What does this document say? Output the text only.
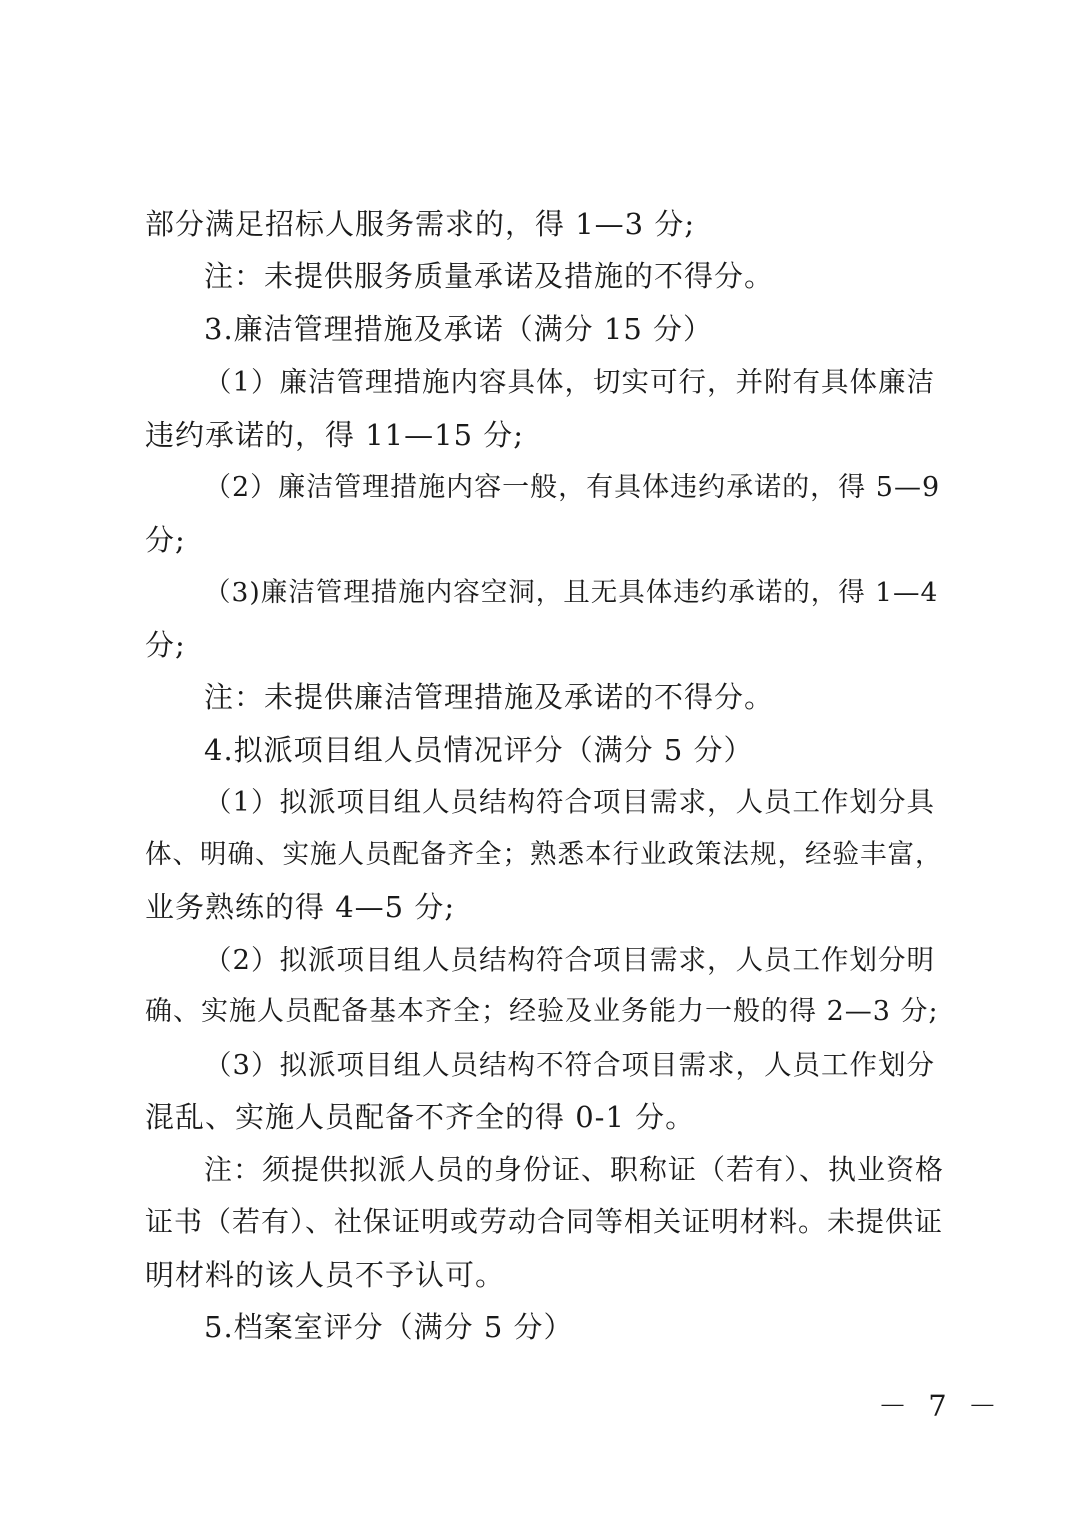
部分满足招标人服务需求的，得 1—3 分;
注：未提供服务质量承诺及措施的不得分。
3.廉洁管理措施及承诺（满分 15 分）
（1）廉洁管理措施内容具体，切实可行，并附有具体廉洁
违约承诺的，得 11—15 分;
（2）廉洁管理措施内容一般，有具体违约承诺的，得 5—9
分;
（3)廉洁管理措施内容空洞，且无具体违约承诺的，得 1—4
分;
注：未提供廉洁管理措施及承诺的不得分。
4.拟派项目组人员情况评分（满分 5 分）
（1）拟派项目组人员结构符合项目需求，人员工作划分具
体、明确、实施人员配备齐全；熟悉本行业政策法规，经验丰富，
业务熟练的得 4—5 分;
（2）拟派项目组人员结构符合项目需求，人员工作划分明
确、实施人员配备基本齐全；经验及业务能力一般的得 2—3 分;
（3）拟派项目组人员结构不符合项目需求，人员工作划分
混乱、实施人员配备不齐全的得 0-1 分。
注：须提供拟派人员的身份证、职称证（若有）、执业资格
证书（若有）、社保证明或劳动合同等相关证明材料。未提供证
明材料的该人员不予认可。
5.档案室评分（满分 5 分）
－ 7 －
